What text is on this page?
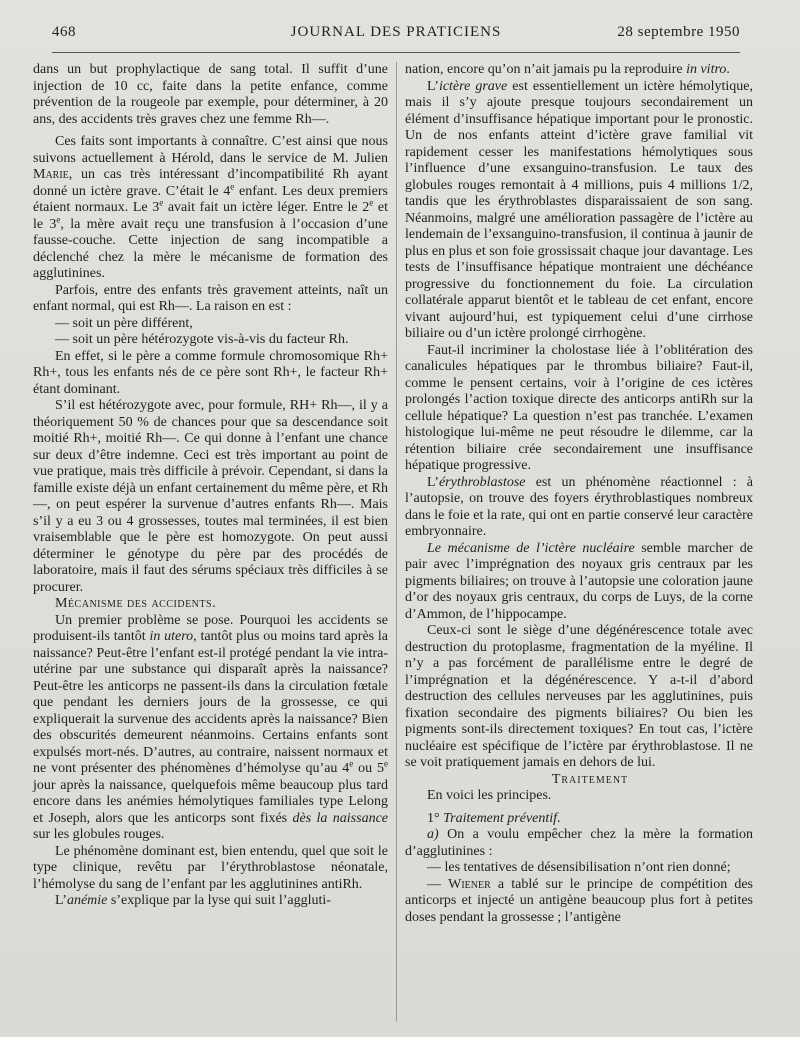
468	JOURNAL DES PRATICIENS	28 septembre 1950

dans un but prophylactique de sang total. Il suffit d’une injection de 10 cc, faite dans la petite enfance, comme prévention de la rougeole par exemple, pour déterminer, à 20 ans, des accidents très graves chez une femme Rh—.

Ces faits sont importants à connaître. C’est ainsi que nous suivons actuellement à Hérold, dans le service de M. Julien Marie, un cas très intéressant d’incompatibilité Rh ayant donné un ictère grave. C’était le 4e enfant. Les deux premiers étaient normaux. Le 3e avait fait un ictère léger. Entre le 2e et le 3e, la mère avait reçu une transfusion à l’occasion d’une fausse-couche. Cette injection de sang incompatible a déclenché chez la mère le mécanisme de formation des agglutinines.

Parfois, entre des enfants très gravement atteints, naît un enfant normal, qui est Rh—. La raison en est :

— soit un père différent,

— soit un père hétérozygote vis-à-vis du facteur Rh.

En effet, si le père a comme formule chromosomique Rh+ Rh+, tous les enfants nés de ce père sont Rh+, le facteur Rh+ étant dominant.

S’il est hétérozygote avec, pour formule, RH+ Rh—, il y a théoriquement 50 % de chances pour que sa descendance soit moitié Rh+, moitié Rh—. Ce qui donne à l’enfant une chance sur deux d’être indemne. Ceci est très important au point de vue pratique, mais très difficile à prévoir. Cependant, si dans la famille existe déjà un enfant certainement du même père, et Rh—, on peut espérer la survenue d’autres enfants Rh—. Mais s’il y a eu 3 ou 4 grossesses, toutes mal terminées, il est bien vraisemblable que le père est homozygote. On peut aussi déterminer le génotype du père par des procédés de laboratoire, mais il faut des sérums spéciaux très difficiles à se procurer.

Mécanisme des accidents.

Un premier problème se pose. Pourquoi les accidents se produisent-ils tantôt in utero, tantôt plus ou moins tard après la naissance? Peut-être l’enfant est-il protégé pendant la vie intra-utérine par une substance qui disparaît après la naissance? Peut-être les anticorps ne passent-ils dans la circulation fœtale que pendant les derniers jours de la grossesse, ce qui expliquerait la survenue des accidents après la naissance? Bien des obscurités demeurent néanmoins. Certains enfants sont expulsés mort-nés. D’autres, au contraire, naissent normaux et ne vont présenter des phénomènes d’hémolyse qu’au 4e ou 5e jour après la naissance, quelquefois même beaucoup plus tard encore dans les anémies hémolytiques familiales type Lelong et Joseph, alors que les anticorps sont fixés dès la naissance sur les globules rouges.

Le phénomène dominant est, bien entendu, quel que soit le type clinique, revêtu par l’érythroblastose néonatale, l’hémolyse du sang de l’enfant par les agglutinines antiRh.

L’anémie s’explique par la lyse qui suit l’aggluti-

nation, encore qu’on n’ait jamais pu la reproduire in vitro.

L’ictère grave est essentiellement un ictère hémolytique, mais il s’y ajoute presque toujours secondairement un élément d’insuffisance hépatique important pour le pronostic. Un de nos enfants atteint d’ictère grave familial vit rapidement cesser les manifestations hémolytiques sous l’influence d’une exsanguino-transfusion. Le taux des globules rouges remontait à 4 millions, puis 4 millions 1/2, tandis que les érythroblastes disparaissaient de son sang. Néanmoins, malgré une amélioration passagère de l’ictère au lendemain de l’exsanguino-transfusion, il continua à jaunir de plus en plus et son foie grossissait chaque jour davantage. Les tests de l’insuffisance hépatique montraient une déchéance progressive du fonctionnement du foie. La circulation collatérale apparut bientôt et le tableau de cet enfant, encore vivant aujourd’hui, est typiquement celui d’une cirrhose biliaire ou d’un ictère prolongé cirrhogène.

Faut-il incriminer la cholostase liée à l’oblitération des canalicules hépatiques par le thrombus biliaire? Faut-il, comme le pensent certains, voir à l’origine de ces ictères prolongés l’action toxique directe des anticorps antiRh sur la cellule hépatique? La question n’est pas tranchée. L’examen histologique lui-même ne peut résoudre le dilemme, car la rétention biliaire crée secondairement une insuffisance hépatique progressive.

L’érythroblastose est un phénomène réactionnel : à l’autopsie, on trouve des foyers érythroblastiques nombreux dans le foie et la rate, qui ont en partie conservé leur caractère embryonnaire.

Le mécanisme de l’ictère nucléaire semble marcher de pair avec l’imprégnation des noyaux gris centraux par les pigments biliaires; on trouve à l’autopsie une coloration jaune d’or des noyaux gris centraux, du corps de Luys, de la corne d’Ammon, de l’hippocampe.

Ceux-ci sont le siège d’une dégénérescence totale avec destruction du protoplasme, fragmentation de la myéline. Il n’y a pas forcément de parallélisme entre le degré de l’imprégnation et la dégénérescence. Y a-t-il d’abord destruction des cellules nerveuses par les agglutinines, puis fixation secondaire des pigments biliaires? Ou bien les pigments sont-ils directement toxiques? En tout cas, l’ictère nucléaire est spécifique de l’ictère par érythroblastose. Il ne se voit pratiquement jamais en dehors de lui.

Traitement

En voici les principes.

1° Traitement préventif.

a) On a voulu empêcher chez la mère la formation d’agglutinines :

— les tentatives de désensibilisation n’ont rien donné;

— Wiener a tablé sur le principe de compétition des anticorps et injecté un antigène beaucoup plus fort à petites doses pendant la grossesse ; l’antigène
